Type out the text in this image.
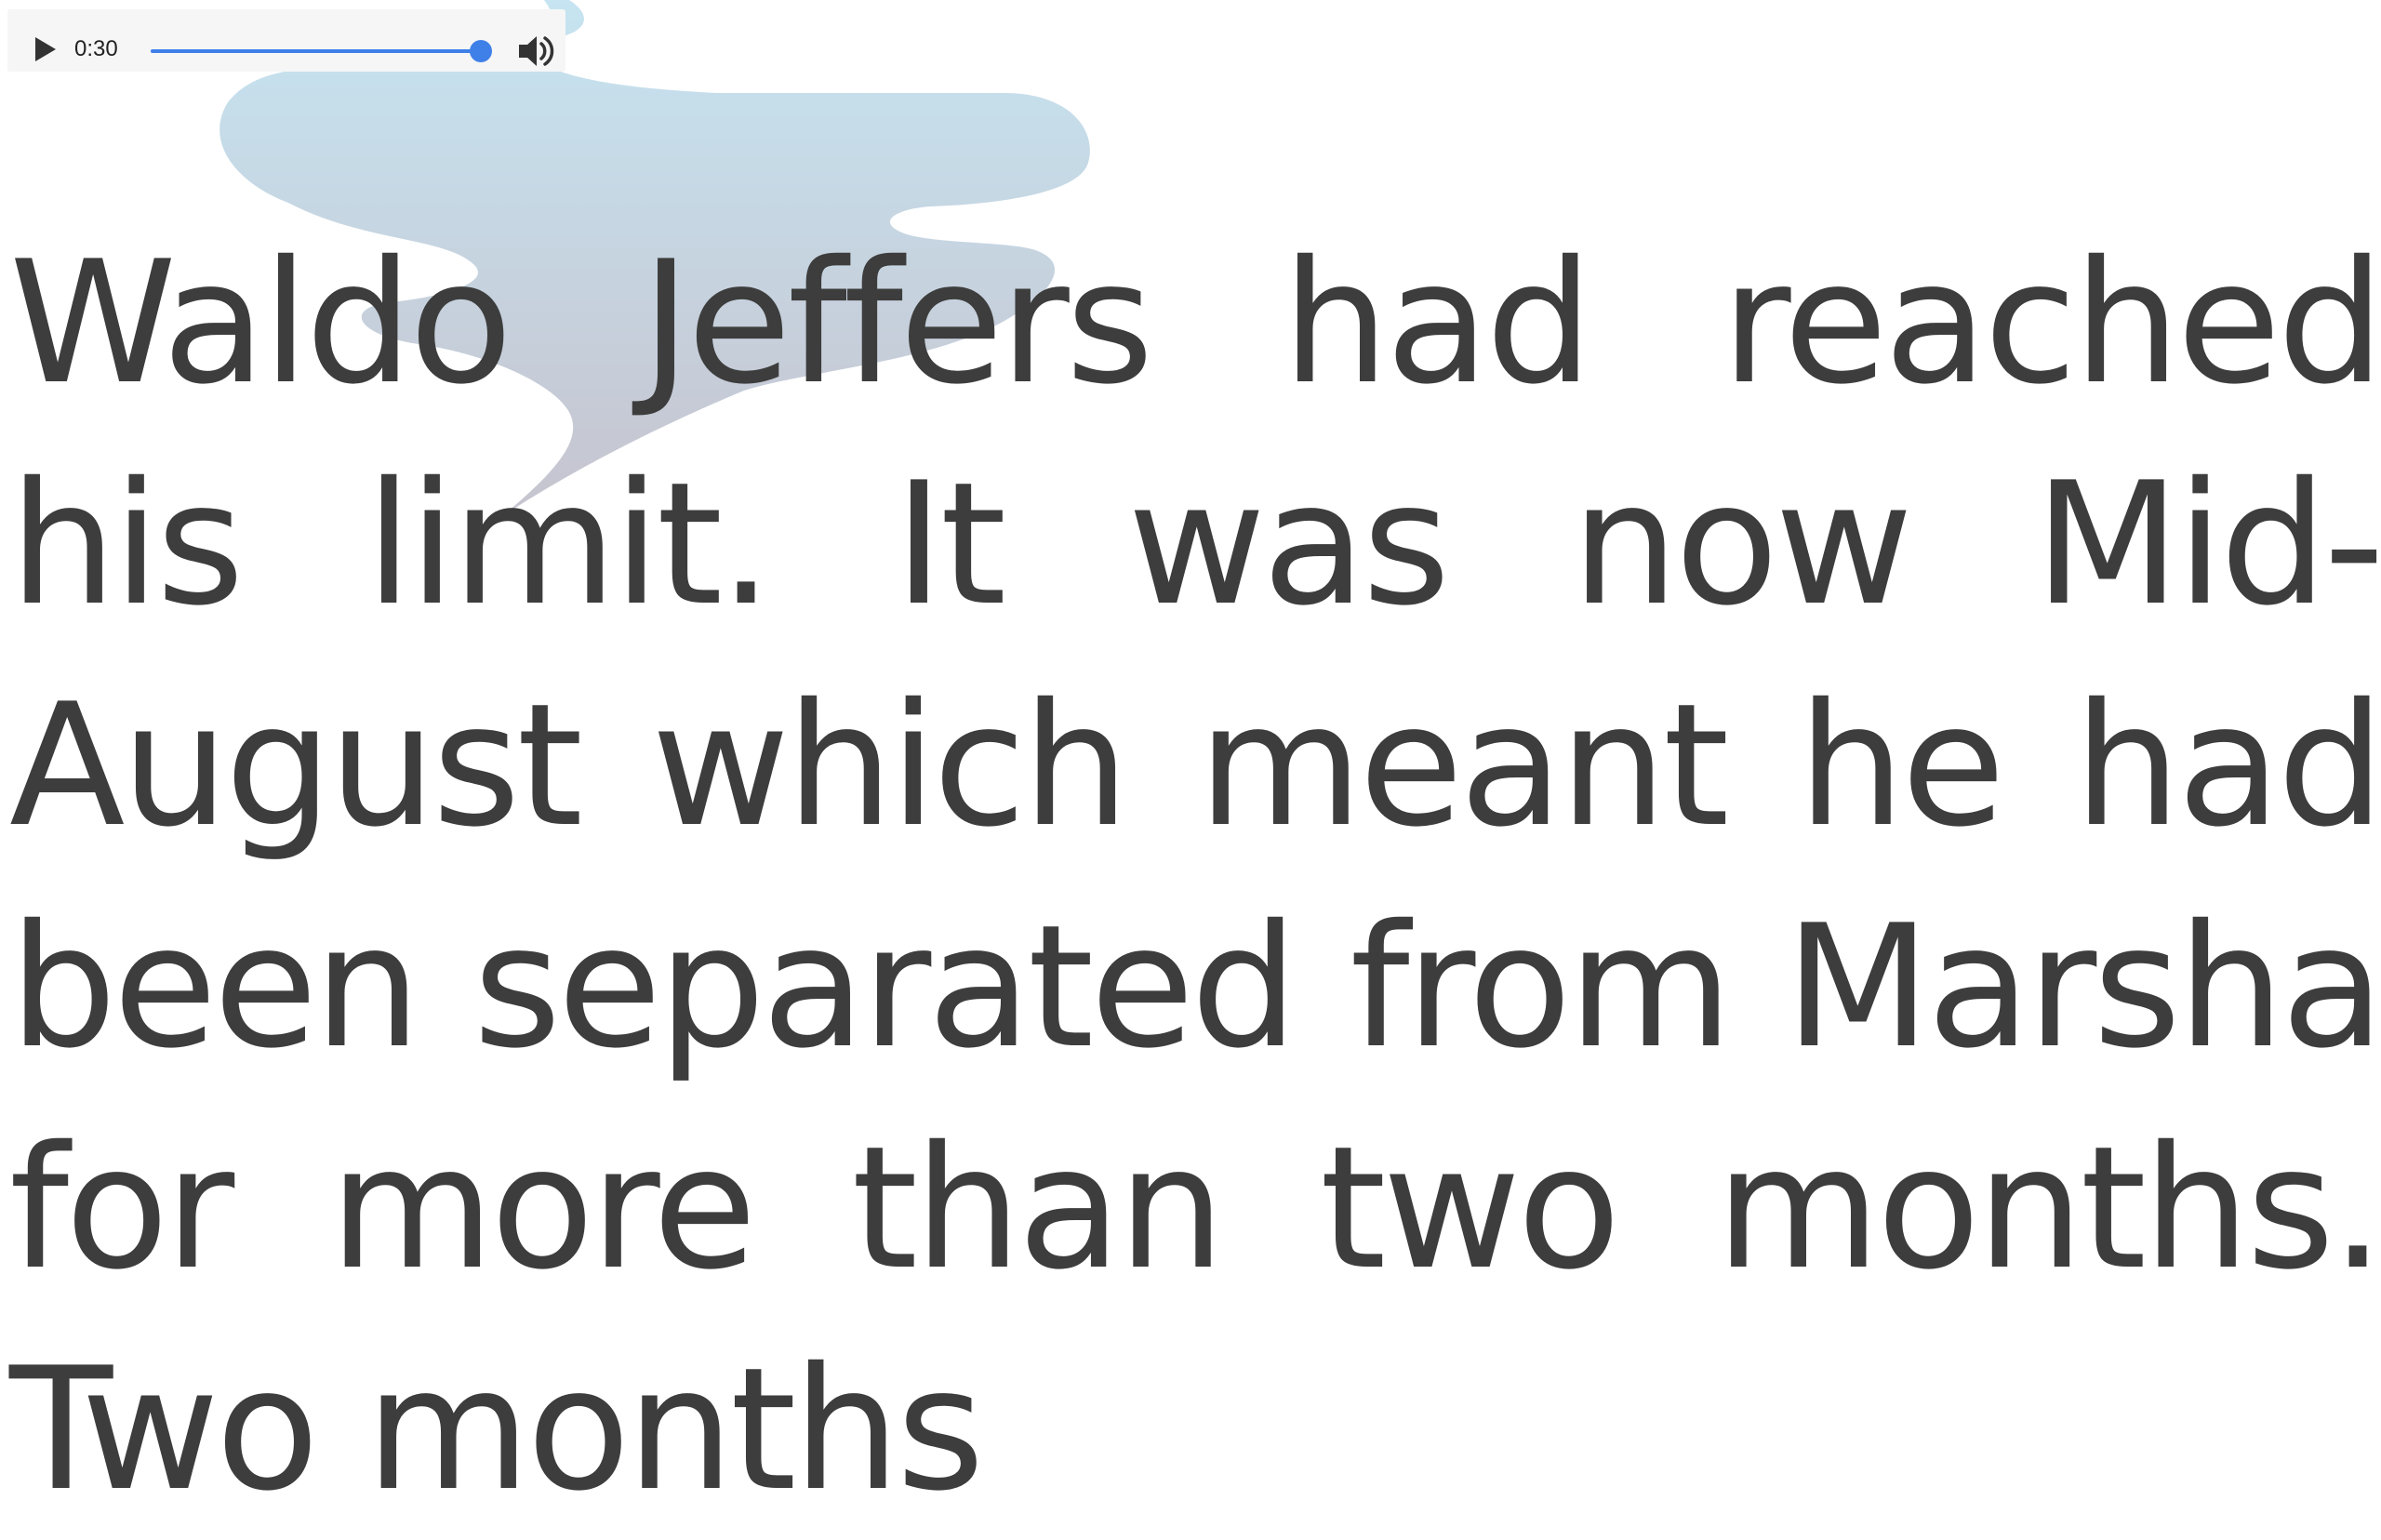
0:30

Waldo Jeffers had reached his limit. It was now Mid-August which meant he had been separated from Marsha for more than two months. Two months
